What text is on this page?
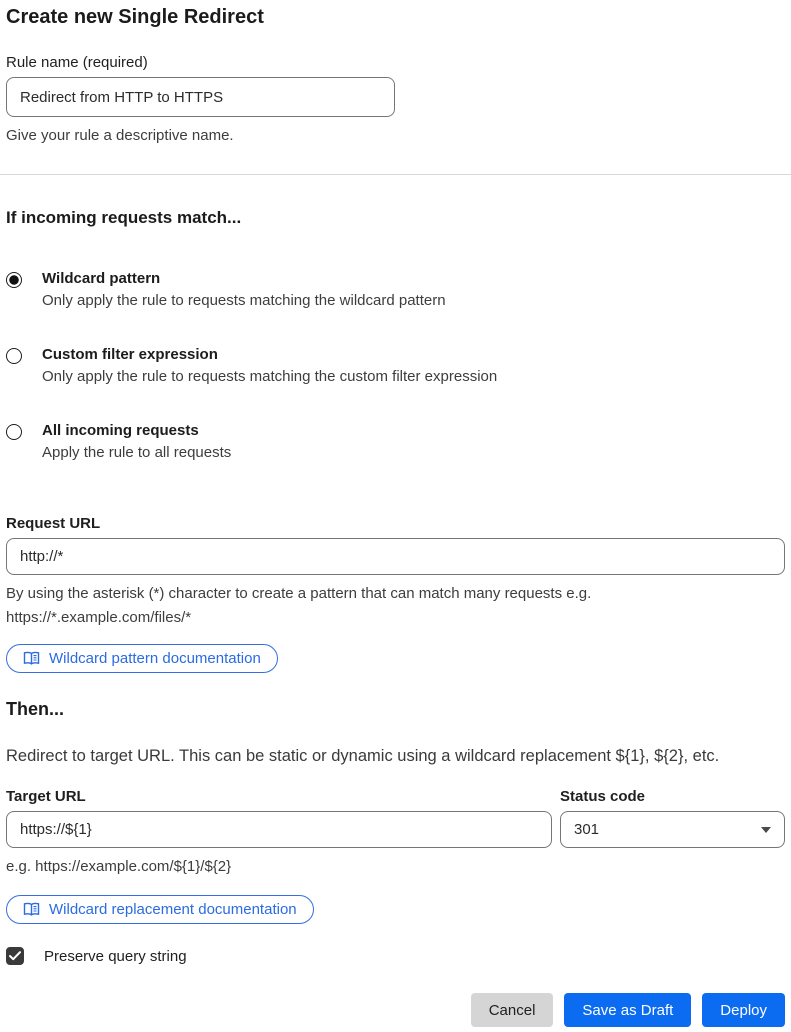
Create new Single Redirect
Rule name (required)
Redirect from HTTP to HTTPS
Give your rule a descriptive name.
If incoming requests match...
Wildcard pattern
Only apply the rule to requests matching the wildcard pattern
Custom filter expression
Only apply the rule to requests matching the custom filter expression
All incoming requests
Apply the rule to all requests
Request URL
http://*
By using the asterisk (*) character to create a pattern that can match many requests e.g.
https://*.example.com/files/*
Wildcard pattern documentation
Then...
Redirect to target URL. This can be static or dynamic using a wildcard replacement ${1}, ${2}, etc.
Target URL
https://${1}
e.g. https://example.com/${1}/${2}
Status code
301
Wildcard replacement documentation
Preserve query string
Cancel	Save as Draft	Deploy
